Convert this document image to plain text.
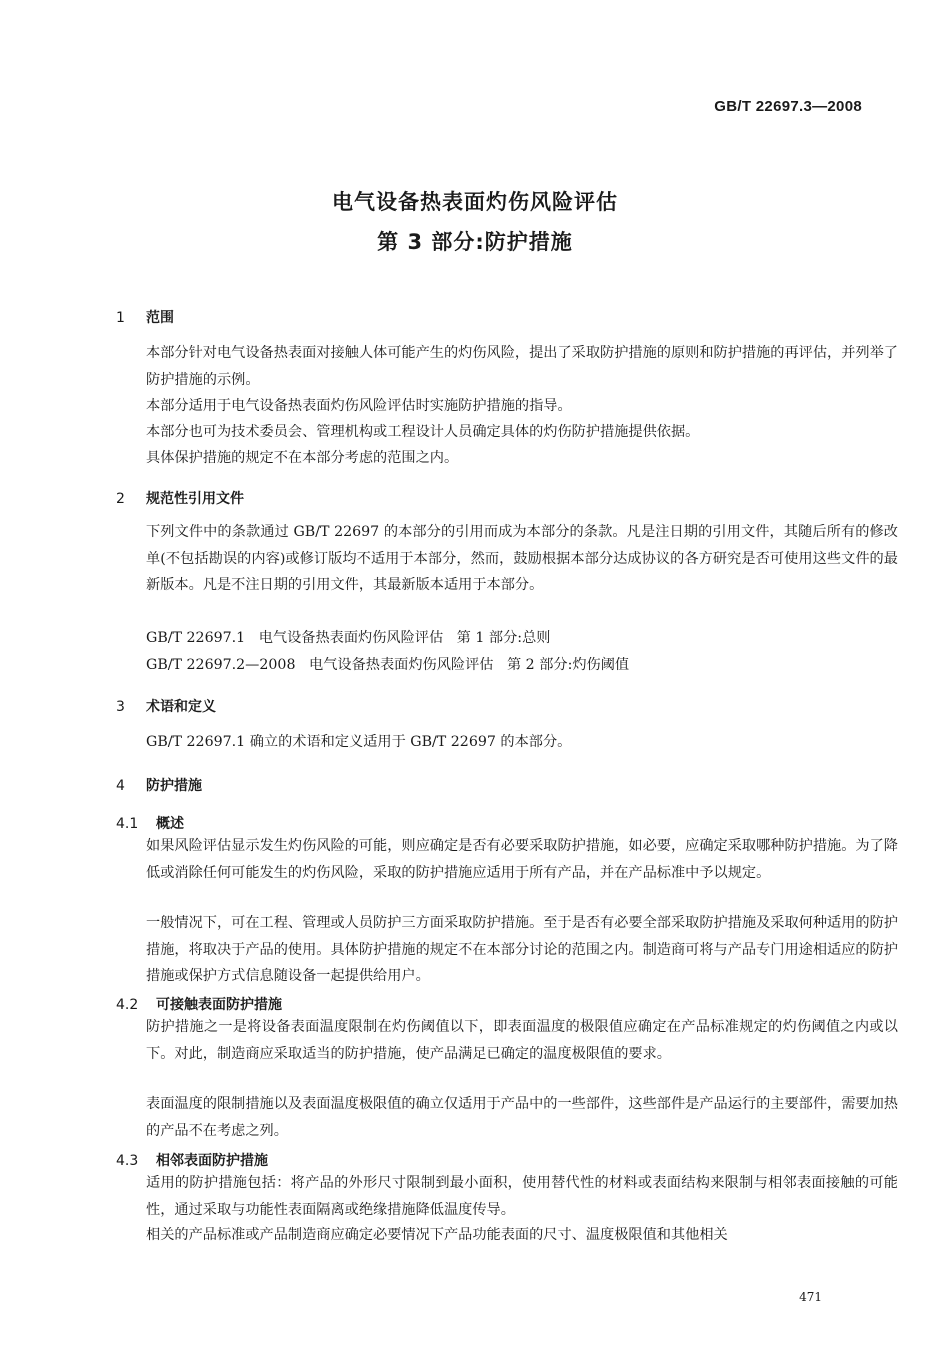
GB/T 22697.3—2008
电气设备热表面灼伤风险评估
第 3 部分:防护措施
1 范围
本部分针对电气设备热表面对接触人体可能产生的灼伤风险，提出了采取防护措施的原则和防护措施的再评估，并列举了防护措施的示例。
本部分适用于电气设备热表面灼伤风险评估时实施防护措施的指导。
本部分也可为技术委员会、管理机构或工程设计人员确定具体的灼伤防护措施提供依据。
具体保护措施的规定不在本部分考虑的范围之内。
2 规范性引用文件
下列文件中的条款通过 GB/T 22697 的本部分的引用而成为本部分的条款。凡是注日期的引用文件，其随后所有的修改单(不包括勘误的内容)或修订版均不适用于本部分，然而，鼓励根据本部分达成协议的各方研究是否可使用这些文件的最新版本。凡是不注日期的引用文件，其最新版本适用于本部分。
GB/T 22697.1   电气设备热表面灼伤风险评估   第 1 部分:总则
GB/T 22697.2—2008   电气设备热表面灼伤风险评估   第 2 部分:灼伤阈值
3 术语和定义
GB/T 22697.1 确立的术语和定义适用于 GB/T 22697 的本部分。
4 防护措施
4.1 概述
如果风险评估显示发生灼伤风险的可能，则应确定是否有必要采取防护措施，如必要，应确定采取哪种防护措施。为了降低或消除任何可能发生的灼伤风险，采取的防护措施应适用于所有产品，并在产品标准中予以规定。
一般情况下，可在工程、管理或人员防护三方面采取防护措施。至于是否有必要全部采取防护措施及采取何种适用的防护措施，将取决于产品的使用。具体防护措施的规定不在本部分讨论的范围之内。制造商可将与产品专门用途相适应的防护措施或保护方式信息随设备一起提供给用户。
4.2 可接触表面防护措施
防护措施之一是将设备表面温度限制在灼伤阈值以下，即表面温度的极限值应确定在产品标准规定的灼伤阈值之内或以下。对此，制造商应采取适当的防护措施，使产品满足已确定的温度极限值的要求。
表面温度的限制措施以及表面温度极限值的确立仅适用于产品中的一些部件，这些部件是产品运行的主要部件，需要加热的产品不在考虑之列。
4.3 相邻表面防护措施
适用的防护措施包括：将产品的外形尺寸限制到最小面积，使用替代性的材料或表面结构来限制与相邻表面接触的可能性，通过采取与功能性表面隔离或绝缘措施降低温度传导。
相关的产品标准或产品制造商应确定必要情况下产品功能表面的尺寸、温度极限值和其他相关
471
